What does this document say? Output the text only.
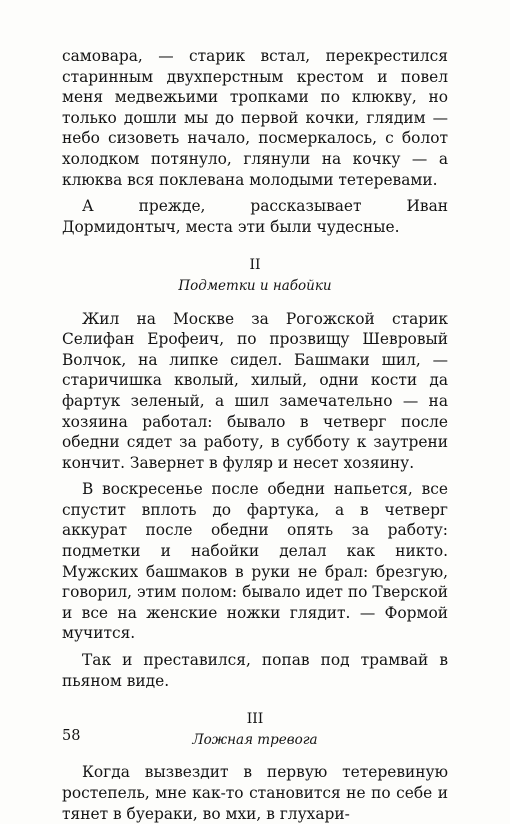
самовара, — старик встал, перекрестился старинным двухперстным крестом и повел меня медвежьими тропками по клюкву, но только дошли мы до первой кочки, глядим — небо сизоветь начало, посмеркалось, с болот холодком потянуло, глянули на кочку — а клюква вся поклевана молодыми тетеревами.

А прежде, рассказывает Иван Дормидонтыч, места эти были чудесные.

II

Подметки и набойки

Жил на Москве за Рогожской старик Селифан Ерофеич, по прозвищу Шевровый Волчок, на липке сидел. Башмаки шил, — старичишка кволый, хилый, одни кости да фартук зеленый, а шил замечательно — на хозяина работал: бывало в четверг после обедни сядет за работу, в субботу к заутрени кончит. Завернет в фуляр и несет хозяину.

В воскресенье после обедни напьется, все спустит вплоть до фартука, а в четверг аккурат после обедни опять за работу: подметки и набойки делал как никто. Мужских башмаков в руки не брал: брезгую, говорил, этим полом: бывало идет по Тверской и все на женские ножки глядит. — Формой мучится.

Так и преставился, попав под трамвай в пьяном виде.

III

Ложная тревога

Когда вызвездит в первую тетеревиную ростепель, мне как-то становится не по себе и тянет в буераки, во мхи, в глухари-

58
